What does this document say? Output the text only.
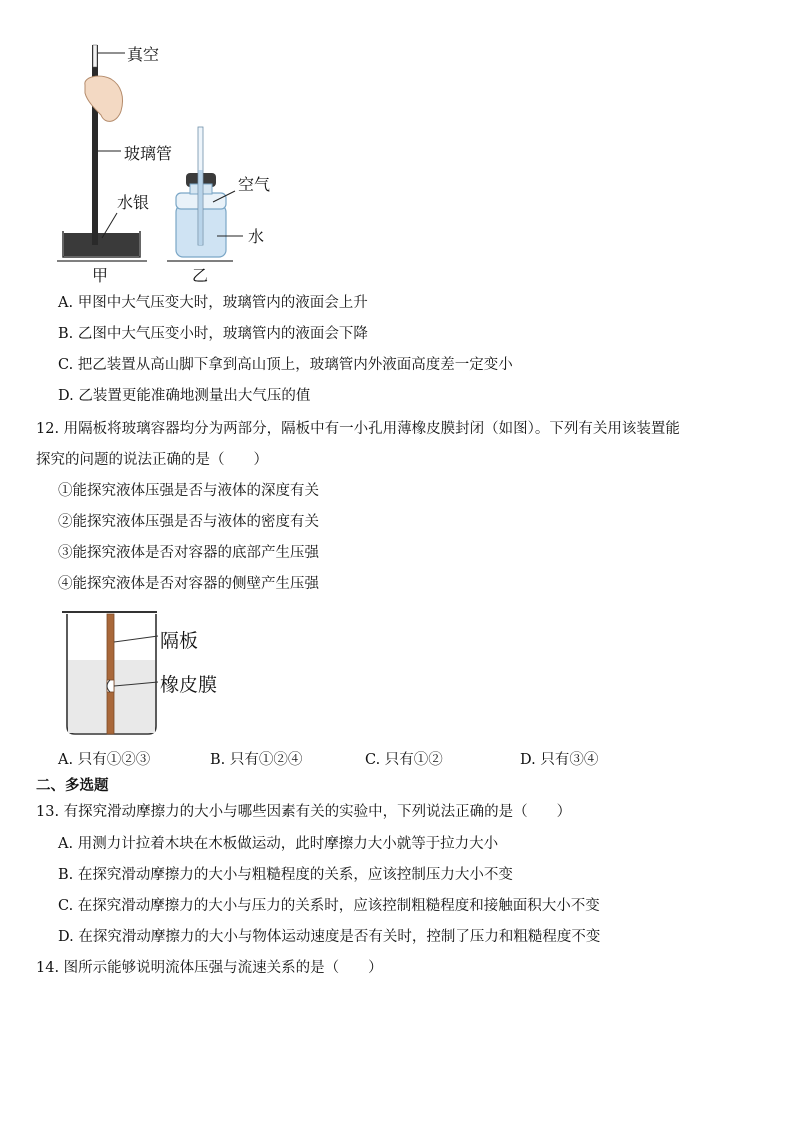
真空
玻璃管
水银
空气
水
甲	乙
A. 甲图中大气压变大时，玻璃管内的液面会上升
B. 乙图中大气压变小时，玻璃管内的液面会下降
C. 把乙装置从高山脚下拿到高山顶上，玻璃管内外液面高度差一定变小
D. 乙装置更能准确地测量出大气压的值
12. 用隔板将玻璃容器均分为两部分，隔板中有一小孔用薄橡皮膜封闭（如图）。下列有关用该装置能
探究的问题的说法正确的是（　　）
①能探究液体压强是否与液体的深度有关
②能探究液体压强是否与液体的密度有关
③能探究液体是否对容器的底部产生压强
④能探究液体是否对容器的侧壁产生压强
隔板
橡皮膜
A. 只有①②③	B. 只有①②④	C. 只有①②	D. 只有③④
二、多选题
13. 有探究滑动摩擦力的大小与哪些因素有关的实验中，下列说法正确的是（　　）
A. 用测力计拉着木块在木板做运动，此时摩擦力大小就等于拉力大小
B. 在探究滑动摩擦力的大小与粗糙程度的关系，应该控制压力大小不变
C. 在探究滑动摩擦力的大小与压力的关系时，应该控制粗糙程度和接触面积大小不变
D. 在探究滑动摩擦力的大小与物体运动速度是否有关时，控制了压力和粗糙程度不变
14. 图所示能够说明流体压强与流速关系的是（　　）
